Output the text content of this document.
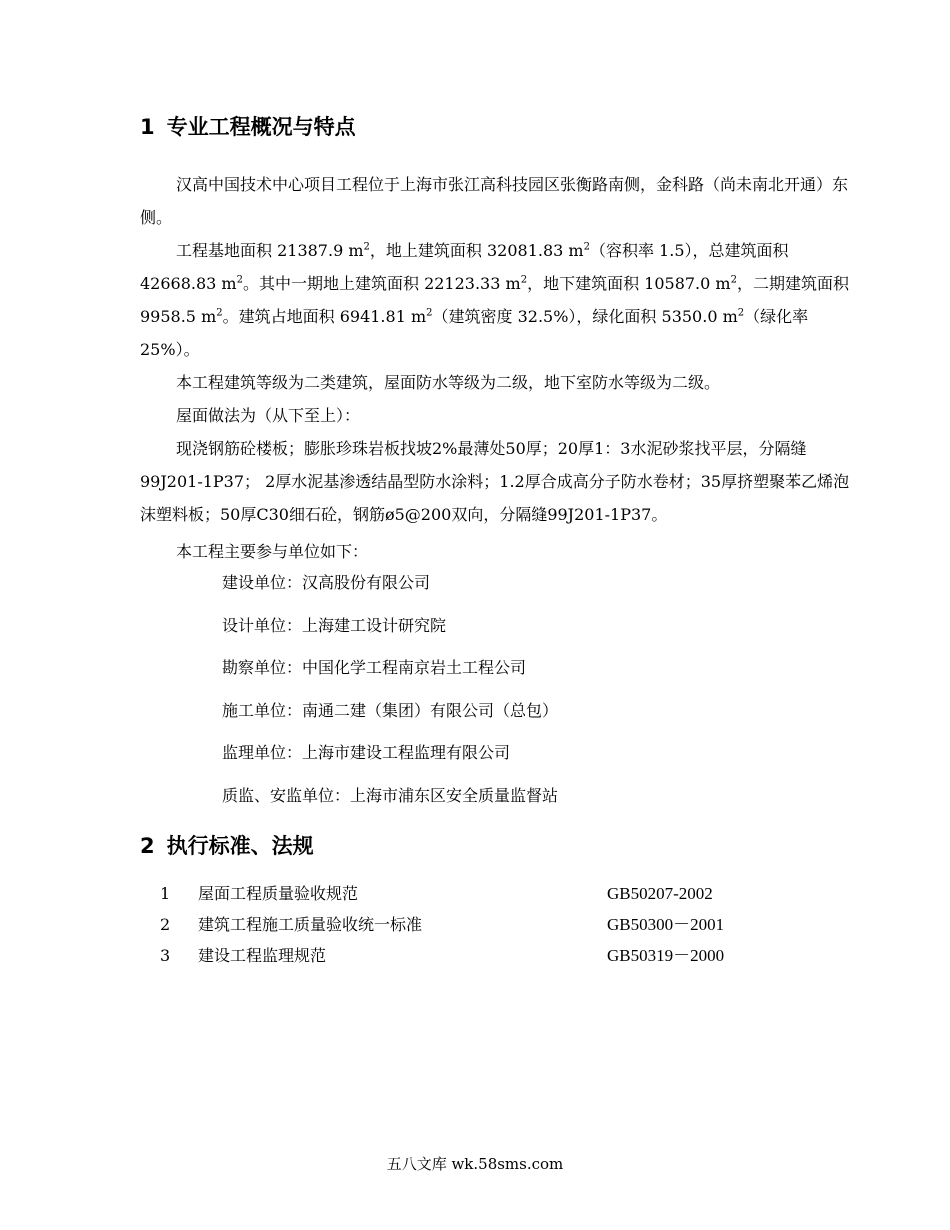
1 专业工程概况与特点
汉高中国技术中心项目工程位于上海市张江高科技园区张衡路南侧，金科路（尚未南北开通）东侧。
工程基地面积 21387.9 $m^2$，地上建筑面积 32081.83 $m^2$（容积率 1.5），总建筑面积 42668.83 $m^2$。其中一期地上建筑面积 22123.33 $m^2$，地下建筑面积 10587.0 $m^2$，二期建筑面积 9958.5 $m^2$。建筑占地面积 6941.81 $m^2$（建筑密度 32.5%），绿化面积 5350.0 $m^2$（绿化率 25%）。
本工程建筑等级为二类建筑，屋面防水等级为二级，地下室防水等级为二级。
屋面做法为（从下至上）：
现浇钢筋砼楼板；膨胀珍珠岩板找坡2%最薄处50厚；20厚1：3水泥砂浆找平层，分隔缝99J201-1P37； 2厚水泥基渗透结晶型防水涂料；1.2厚合成高分子防水卷材；35厚挤塑聚苯乙烯泡沫塑料板；50厚C30细石砼，钢筋ø5@200双向，分隔缝99J201-1P37。
本工程主要参与单位如下：
建设单位：汉高股份有限公司
设计单位：上海建工设计研究院
勘察单位：中国化学工程南京岩土工程公司
施工单位：南通二建（集团）有限公司（总包）
监理单位：上海市建设工程监理有限公司
质监、安监单位：上海市浦东区安全质量监督站
2 执行标准、法规
1 屋面工程质量验收规范	GB50207-2002
2 建筑工程施工质量验收统一标准	GB50300－2001
3 建设工程监理规范	GB50319－2000
五八文库 wk.58sms.com
